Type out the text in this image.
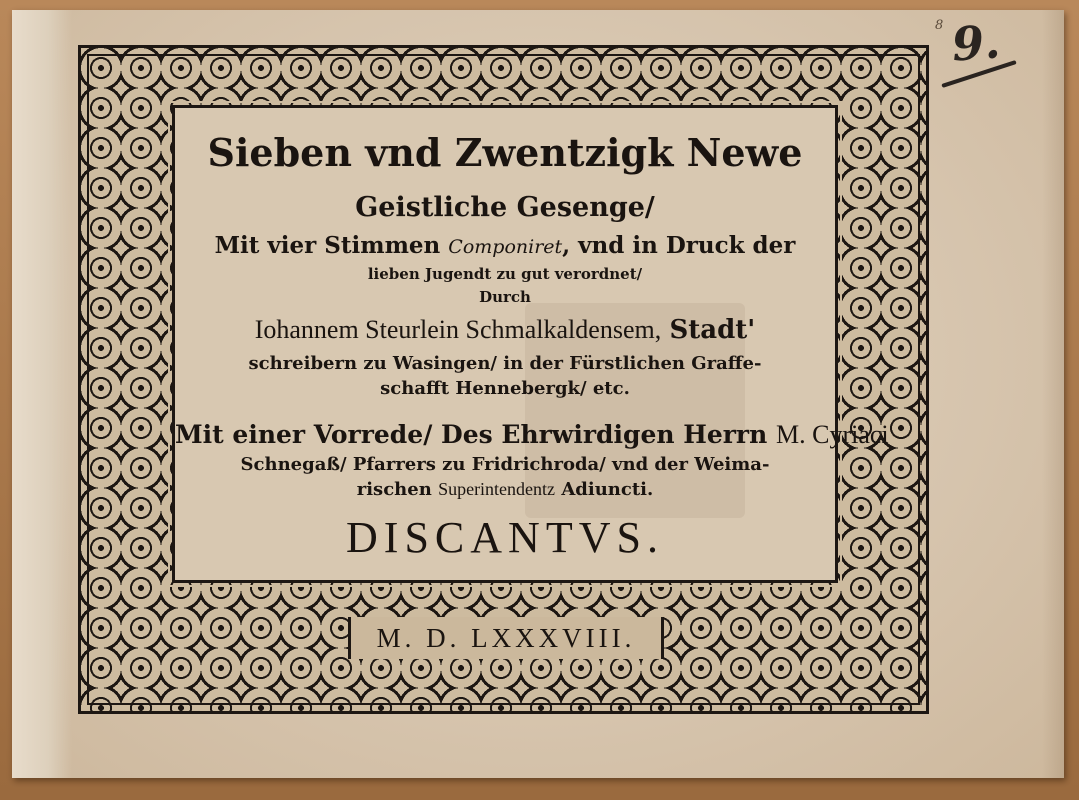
8 9.
Sieben vnd Zwentzigk Newe
Geistliche Gesenge/
Mit vier Stimmen Componiret, vnd in Druck der
lieben Jugendt zu gut verordnet/
Durch
Iohannem Steurlein Schmalkaldensem, Stadt'
schreibern zu Wasingen/ in der Fürstlichen Graffe-
schafft Hennebergk/ etc.
Mit einer Vorrede/ Des Ehrwirdigen Herrn M. Cyriaci
Schnegaß/ Pfarrers zu Fridrichroda/ vnd der Weima-
rischen Superintendentz Adiuncti.
DISCANTVS.
M. D. LXXXVIII.
